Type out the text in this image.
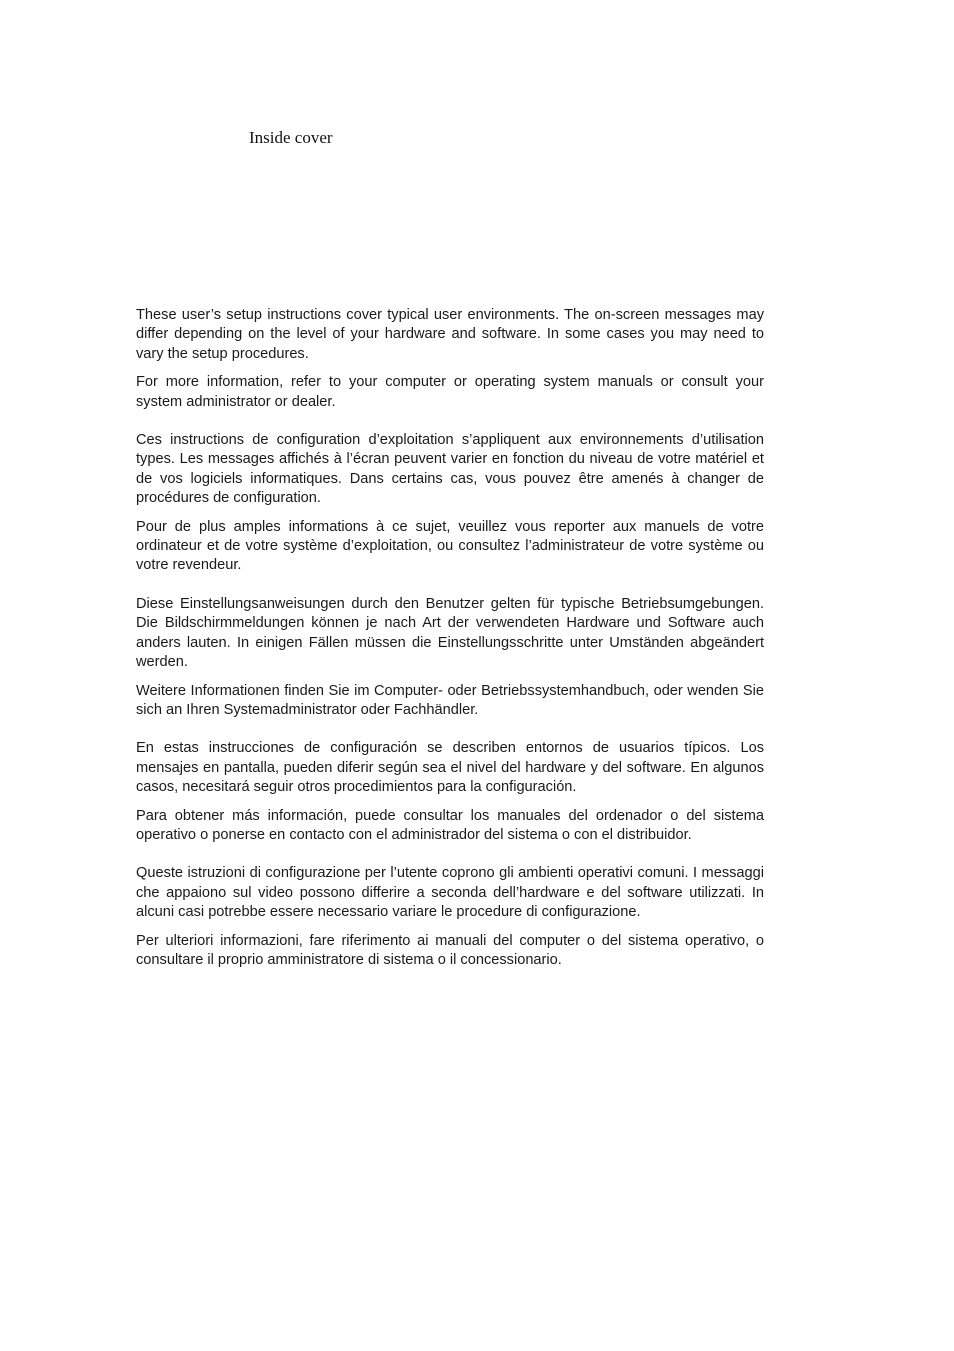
Inside cover

These user’s setup instructions cover typical user environments. The on-screen messages may differ depending on the level of your hardware and software. In some cases you may need to vary the setup procedures.

For more information, refer to your computer or operating system manuals or consult your system administrator or dealer.

Ces instructions de configuration d’exploitation s’appliquent aux environnements d’utilisation types. Les messages affichés à l’écran peuvent varier en fonction du niveau de votre matériel et de vos logiciels informatiques. Dans certains cas, vous pouvez être amenés à changer de procédures de configuration.

Pour de plus amples informations à ce sujet, veuillez vous reporter aux manuels de votre ordinateur et de votre système d’exploitation, ou consultez l’administrateur de votre système ou votre revendeur.

Diese Einstellungsanweisungen durch den Benutzer gelten für typische Betriebsumgebungen. Die Bildschirmmeldungen können je nach Art der verwendeten Hardware und Software auch anders lauten. In einigen Fällen müssen die Einstellungsschritte unter Umständen abgeändert werden.

Weitere Informationen finden Sie im Computer- oder Betriebssystemhandbuch, oder wenden Sie sich an Ihren Systemadministrator oder Fachhändler.

En estas instrucciones de configuración se describen entornos de usuarios típicos. Los mensajes en pantalla, pueden diferir según sea el nivel del hardware y del software. En algunos casos, necesitará seguir otros procedimientos para la configuración.

Para obtener más información, puede consultar los manuales del ordenador o del sistema operativo o ponerse en contacto con el administrador del sistema o con el distribuidor.

Queste istruzioni di configurazione per l’utente coprono gli ambienti operativi comuni. I messaggi che appaiono sul video possono differire a seconda dell’hardware e del software utilizzati. In alcuni casi potrebbe essere necessario variare le procedure di configurazione.

Per ulteriori informazioni, fare riferimento ai manuali del computer o del sistema operativo, o consultare il proprio amministratore di sistema o il concessionario.
